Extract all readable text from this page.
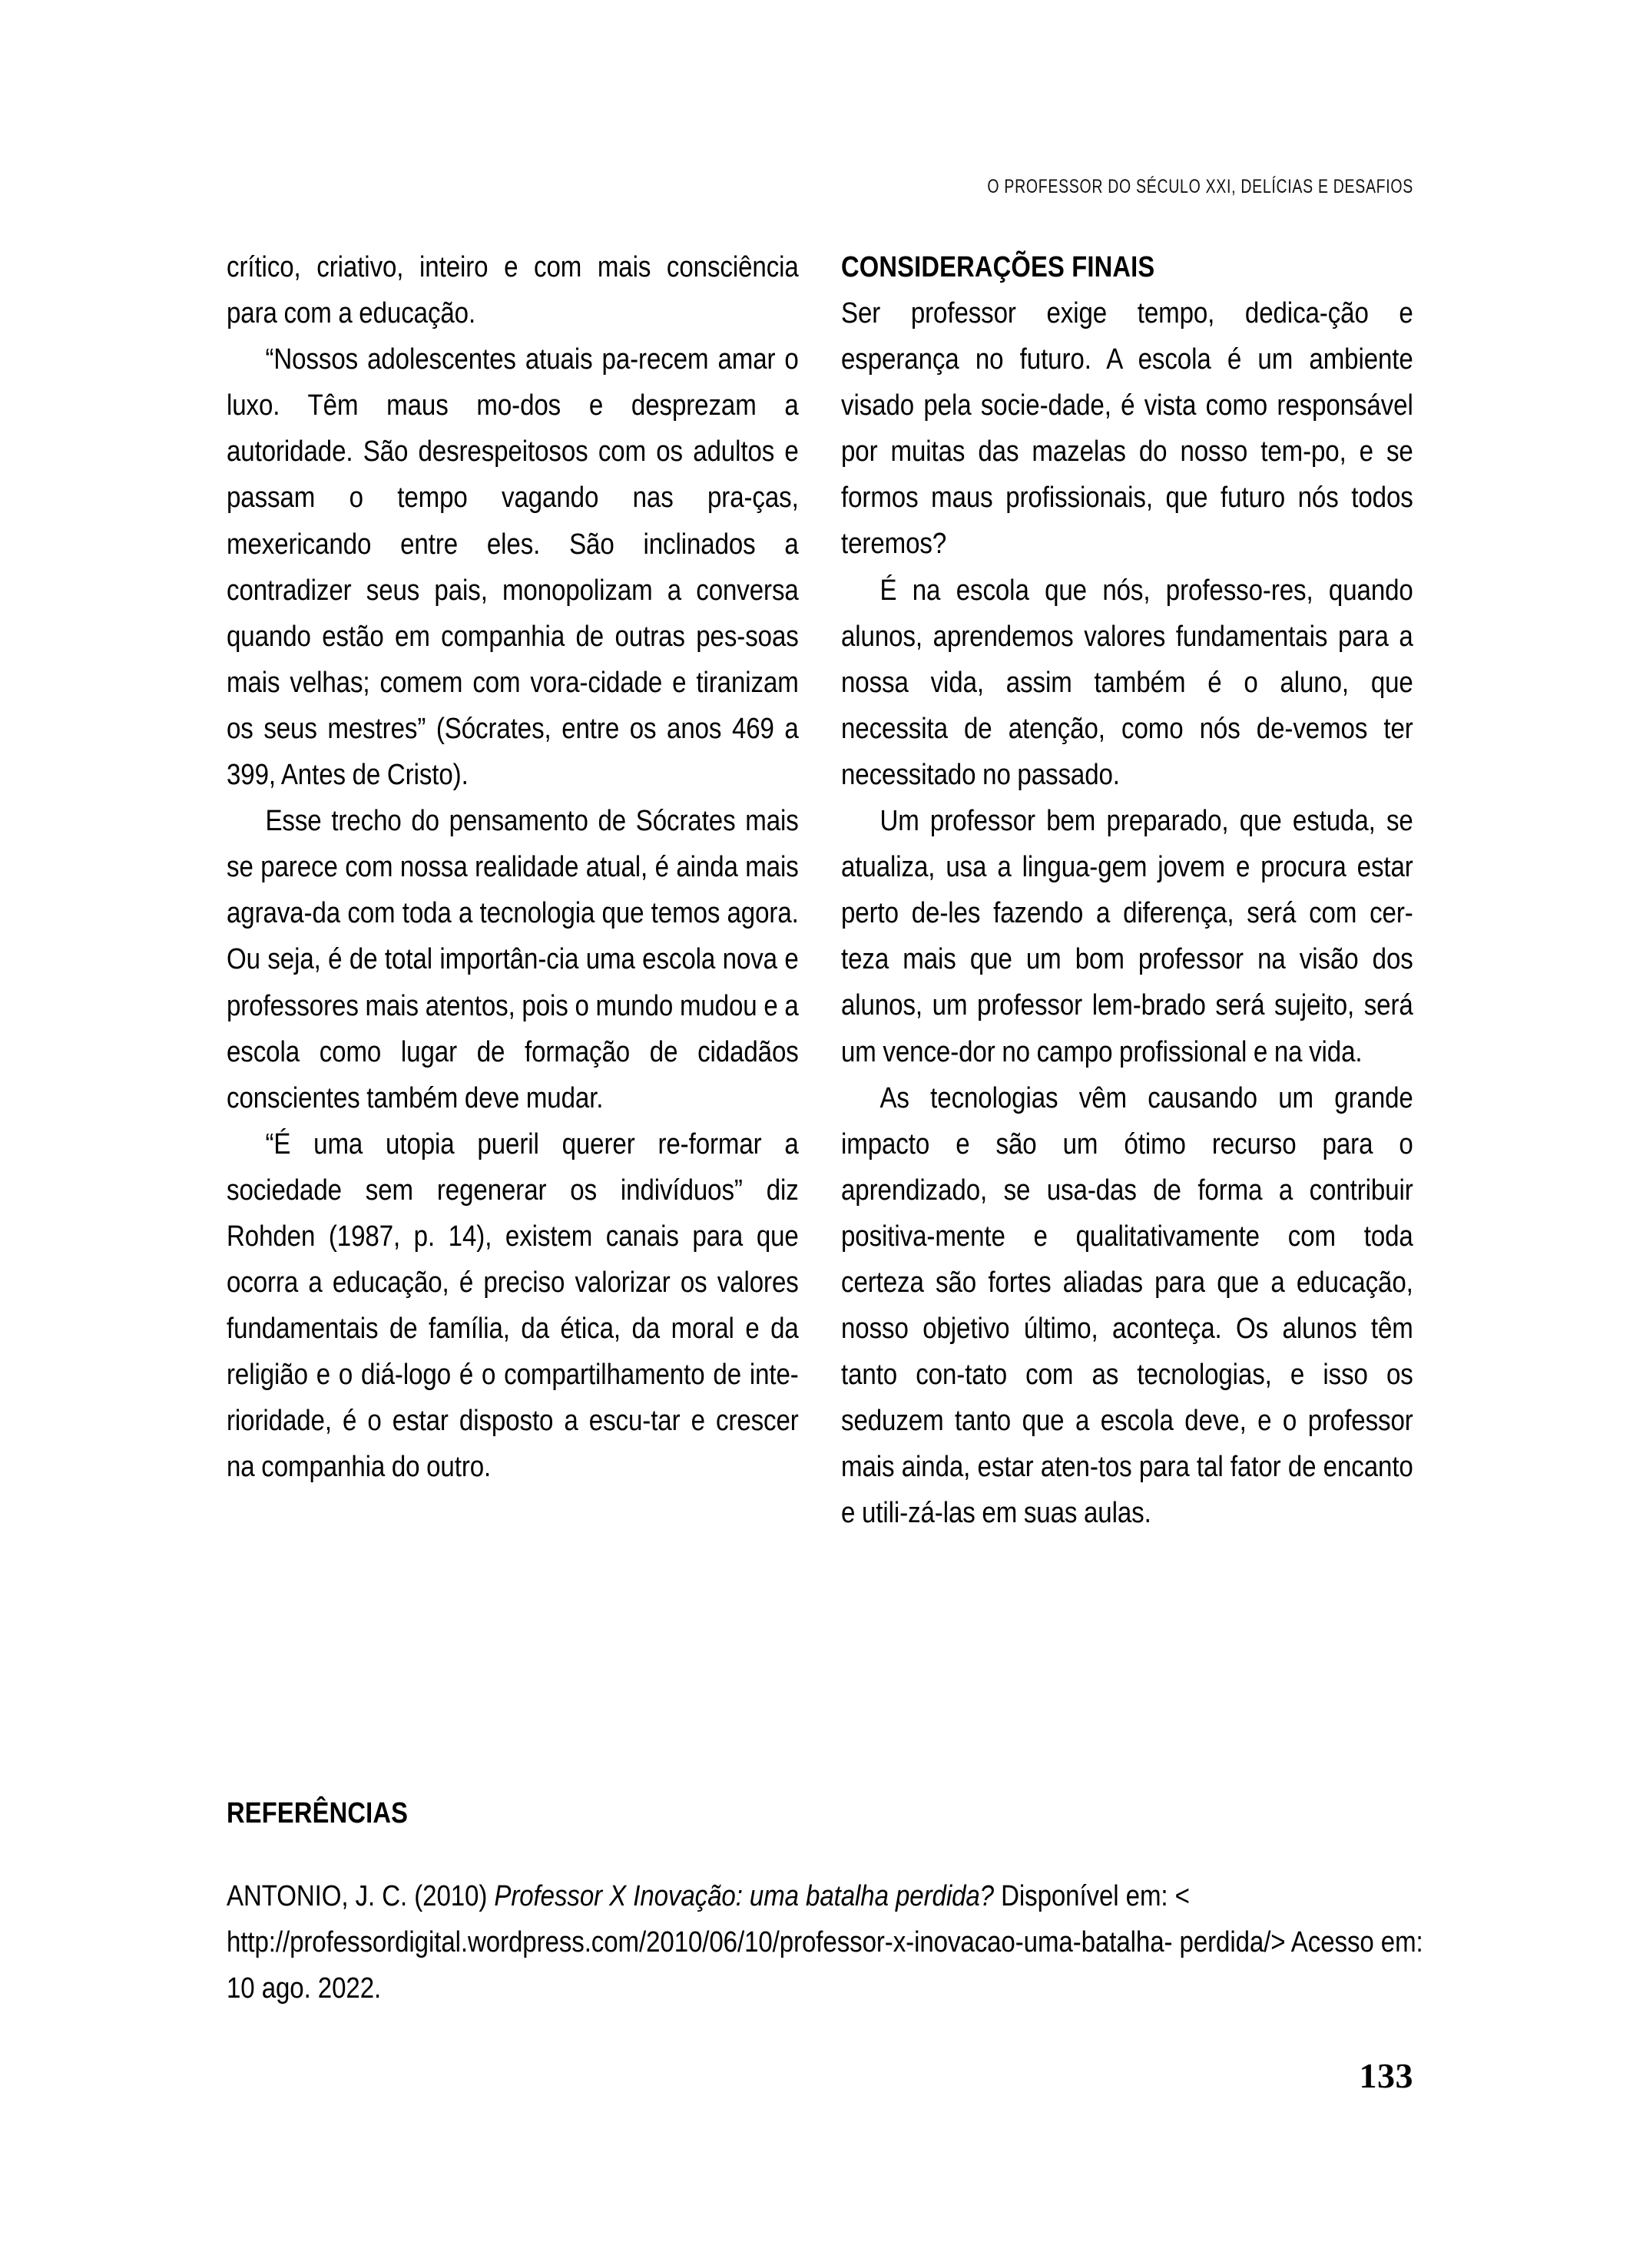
O PROFESSOR DO SÉCULO XXI, DELÍCIAS E DESAFIOS

crítico, criativo, inteiro e com mais consciência para com a educação.

“Nossos adolescentes atuais pa-recem amar o luxo. Têm maus mo-dos e desprezam a autoridade. São desrespeitosos com os adultos e passam o tempo vagando nas pra-ças, mexericando entre eles. São inclinados a contradizer seus pais, monopolizam a conversa quando estão em companhia de outras pes-soas mais velhas; comem com vora-cidade e tiranizam os seus mestres” (Sócrates, entre os anos 469 a 399, Antes de Cristo).

Esse trecho do pensamento de Sócrates mais se parece com nossa realidade atual, é ainda mais agrava-da com toda a tecnologia que temos agora. Ou seja, é de total importân-cia uma escola nova e professores mais atentos, pois o mundo mudou e a escola como lugar de formação de cidadãos conscientes também deve mudar.

“É uma utopia pueril querer re-formar a sociedade sem regenerar os indivíduos” diz Rohden (1987, p. 14), existem canais para que ocorra a educação, é preciso valorizar os valores fundamentais de família, da ética, da moral e da religião e o diá-logo é o compartilhamento de inte-rioridade, é o estar disposto a escu-tar e crescer na companhia do outro.

CONSIDERAÇÕES FINAIS

Ser professor exige tempo, dedica-ção e esperança no futuro. A escola é um ambiente visado pela socie-dade, é vista como responsável por muitas das mazelas do nosso tem-po, e se formos maus profissionais, que futuro nós todos teremos?

É na escola que nós, professo-res, quando alunos, aprendemos valores fundamentais para a nossa vida, assim também é o aluno, que necessita de atenção, como nós de-vemos ter necessitado no passado.

Um professor bem preparado, que estuda, se atualiza, usa a lingua-gem jovem e procura estar perto de-les fazendo a diferença, será com cer-teza mais que um bom professor na visão dos alunos, um professor lem-brado será sujeito, será um vence-dor no campo profissional e na vida.

As tecnologias vêm causando um grande impacto e são um ótimo recurso para o aprendizado, se usa-das de forma a contribuir positiva-mente e qualitativamente com toda certeza são fortes aliadas para que a educação, nosso objetivo último, aconteça. Os alunos têm tanto con-tato com as tecnologias, e isso os seduzem tanto que a escola deve, e o professor mais ainda, estar aten-tos para tal fator de encanto e utili-zá-las em suas aulas.

REFERÊNCIAS

ANTONIO, J. C. (2010) Professor X Inovação: uma batalha perdida? Disponível em: < http://professordigital.wordpress.com/2010/06/10/professor-x-inovacao-uma-batalha- perdida/> Acesso em: 10 ago. 2022.

133
